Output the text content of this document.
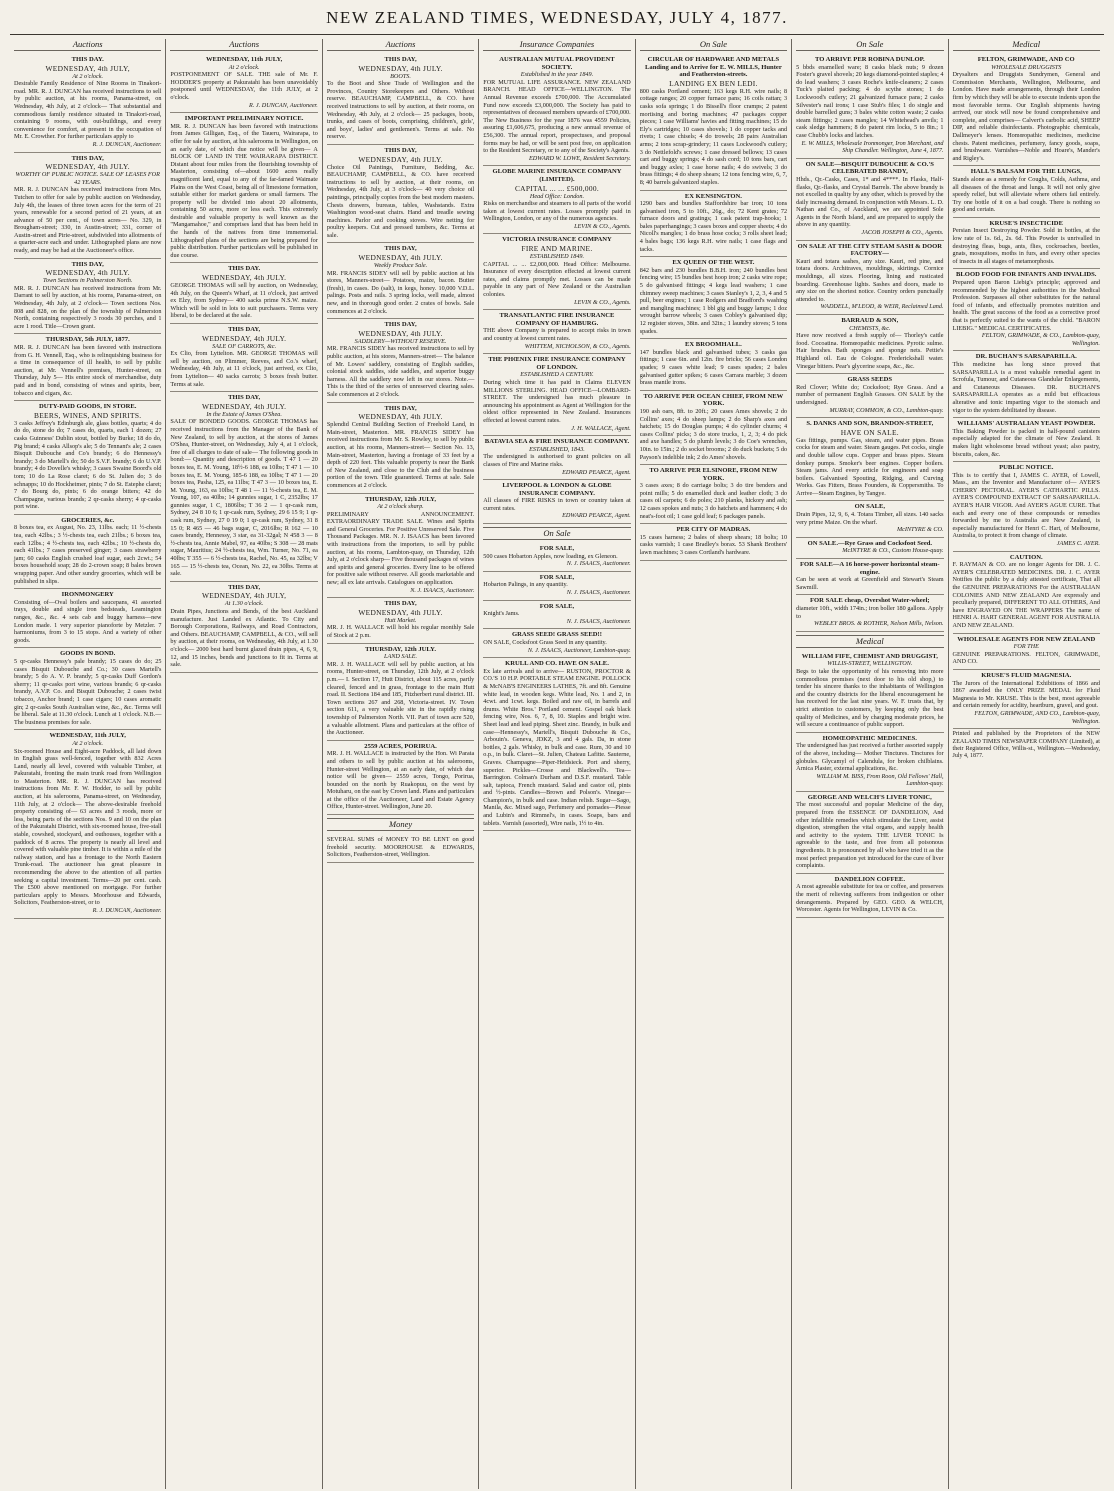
NEW ZEALAND TIMES, WEDNESDAY, JULY 4, 1877.
Auctions
THIS DAY.
WEDNESDAY, 4th JULY,
At 2 o'clock.
Desirable Family Residence of Nine Rooms in Tinakori-road. MR. R. J. DUNCAN has received instructions to sell by public auction, at his rooms, Panama-street, on Wednesday, 4th July, at 2 o'clock— That substantial and commodious family residence situated in Tinakori-road, containing 9 rooms, with out-buildings, and every convenience for comfort, at present in the occupation of Mr. E. Crowther. For further particulars apply to
R. J. DUNCAN, Auctioneer.
THIS DAY,
WEDNESDAY, 4th JULY.
WORTHY OF PUBLIC NOTICE. SALE OF LEASES FOR 42 YEARS.
MR. R. J. DUNCAN has received instructions from Mrs. Tutchen to offer for sale by public auction on Wednesday, July 4th, the leases of three town acres for the term of 21 years, renewable for a second period of 21 years, at an advance of 50 per cent., of town acres— No. 329, in Brougham-street; 330, in Austin-street; 331, corner of Austin-street and Pirie-street, subdivided into allotments of a quarter-acre each and under. Lithographed plans are now ready, and may be had at the Auctioneer's office.
THIS DAY,
WEDNESDAY, 4th JULY.
Town Sections in Palmerston North.
MR. R. J. DUNCAN has received instructions from Mr. Darrant to sell by auction, at his rooms, Panama-street, on Wednesday, 4th July, at 2 o'clock— Town sections Nos. 808 and 828, on the plan of the township of Palmerston North, containing respectively 3 roods 30 perches, and 1 acre 1 rood. Title—Crown grant.
THURSDAY, 5th JULY, 1877.
MR. R. J. DUNCAN has been favored with instructions from G. H. Vennell, Esq., who is relinquishing business for a time in consequence of ill health, to sell by public auction, at Mr. Vennell's premises, Hunter-street, on Thursday, July 5— His entire stock of merchandise, duty paid and in bond, consisting of wines and spirits, beer, tobacco and cigars, &c.
DUTY-PAID GOODS, IN STORE.
BEERS, WINES, AND SPIRITS.
3 casks Jeffrey's Edinburgh ale, glass bottles, quarts; 4 do do do, stone do do; 7 cases do, quarts, each 1 dozen; 27 casks Guinness' Dublin stout, bottled by Burke; 18 do do, Pig brand; 4 casks Allsop's ale; 5 do Tennant's ale; 2 cases Bisquit Dubouche and Co's brandy; 6 do Hennessy's brandy; 3 do Martell's do; 50 do S.V.F. brandy; 6 do U.V.P. brandy; 4 do Dovelle's whisky; 3 cases Swaine Boord's old tom; 10 do La Rose claret; 6 do St. Julien do; 3 do schnapps; 10 do Hockheimer, pints; 7 do St. Estephe claret; 7 do Bourg do, pints; 6 do orange bitters; 42 do Champagne, various brands; 2 qr-casks sherry; 4 qr-casks port wine.
GROCERIES, &c.
8 boxes tea, ex August, No. 23, 11lbs. each; 11 ½-chests tea, each 42lbs.; 3 ½-chests tea, each 21lbs.; 6 boxes tea, each 12lbs.; 4 ½-chests tea, each 42lbs.; 10 ½-chests do, each 41lbs.; 7 cases preserved ginger; 3 cases strawberry jam; 60 casks English crushed loaf sugar, each 2cwt.; 54 boxes household soap; 28 do 2-crown soap; 8 bales brown wrapping paper. And other sundry groceries, which will be published in slips.
IRONMONGERY
Consisting of—Oval boilers and saucepans, 41 assorted trays, double and single iron bedsteads, Leamington ranges, &c., &c. 4 sets cab and buggy harness—new London made. 1 very superior pianoforte by Metzler. 7 harmoniums, from 3 to 15 stops. And a variety of other goods.
GOODS IN BOND.
5 qr-casks Hennessy's pale brandy; 15 cases do do; 25 cases Bisquit Dubouche and Co.; 30 cases Martell's brandy; 5 do A. V. P. brandy; 5 qr-casks Duff Gordon's sherry; 11 qr-casks port wine, various brands; 6 qr-casks brandy, A.V.P. Co. and Bisquit Dubouche; 2 cases twist tobacco, Anchor brand; 1 case cigars; 10 cases aromatic gin; 2 qr-casks South Australian wine, &c., &c. Terms will be liberal. Sale at 11.30 o'clock. Lunch at 1 o'clock. N.B.—The business premises for sale.
WEDNESDAY, 11th JULY,
At 2 o'clock.
Six-roomed House and Eight-acre Paddock, all laid down in English grass well-fenced, together with 832 Acres Land, nearly all level, covered with valuable Timber, at Pakuratahi, fronting the main trunk road from Wellington to Masterton. MR. R. J. DUNCAN has received instructions from Mr. F. W. Hodder, to sell by public auction, at his salerooms, Panama-street, on Wednesday, 11th July, at 2 o'clock— The above-desirable freehold property consisting of— 63 acres and 3 roods, more or less, being parts of the sections Nos. 9 and 10 on the plan of the Pakuratahi District, with six-roomed house, five-stall stable, cowshed, stockyard, and outhouses, together with a paddock of 8 acres. The property is nearly all level and covered with valuable pine timber. It is within a mile of the railway station, and has a frontage to the North Eastern Trunk-road. The auctioneer has great pleasure in recommending the above to the attention of all parties seeking a capital investment. Terms—20 per cent. cash. The £500 above mentioned on mortgage. For further particulars apply to Messrs. Moorhouse and Edwards, Solicitors, Featherston-street, or to
R. J. DUNCAN, Auctioneer.
Auctions
WEDNESDAY, 11th JULY,
At 2 o'clock.
POSTPONEMENT OF SALE. THE sale of Mr. F. HODDER'S property at Pakuratahi has been unavoidably postponed until WEDNESDAY, the 11th JULY, at 2 o'clock.
R. J. DUNCAN, Auctioneer.
IMPORTANT PRELIMINARY NOTICE.
MR. R. J. DUNCAN has been favored with instructions from James Gilligan, Esq., of the Taueru, Wairarapa, to offer for sale by auction, at his salerooms in Wellington, on an early date, of which due notice will be given— A BLOCK OF LAND IN THE WAIRARAPA DISTRICT. Distant about four miles from the flourishing township of Masterton, consisting of—about 1600 acres really magnificent land, equal to any of the far-famed Waimate Plains on the West Coast, being all of limestone formation, suitable either for market gardens or small farmers. The property will be divided into about 20 allotments, containing 50 acres, more or less each. This extremely desirable and valuable property is well known as the "Mangamahoe," and comprises land that has been held in the hands of the natives from time immemorial. Lithographed plans of the sections are being prepared for public distribution. Further particulars will be published in due course.
THIS DAY.
WEDNESDAY, 4th JULY.
GEORGE THOMAS will sell by auction, on Wednesday, 4th July, on the Queen's Wharf, at 11 o'clock, just arrived ex Elzy, from Sydney— 400 sacks prime N.S.W. maize. Which will be sold in lots to suit purchasers. Terms very liberal, to be declared at the sale.
THIS DAY,
WEDNESDAY, 4th JULY.
SALE OF CARROTS, &c.
Ex Clio, from Lyttelton. MR. GEORGE THOMAS will sell by auction, on Plimmer, Reeves, and Co.'s wharf, Wednesday, 4th July, at 11 o'clock, just arrived, ex Clio, from Lyttelton— 40 sacks carrots; 3 boxes fresh butter. Terms at sale.
THIS DAY,
WEDNESDAY, 4th JULY.
In the Estate of James O'Shea.
SALE OF BONDED GOODS. GEORGE THOMAS has received instructions from the Manager of the Bank of New Zealand, to sell by auction, at the stores of James O'Shea, Hunter-street, on Wednesday, July 4, at 1 o'clock, free of all charges to date of sale— The following goods in bond:— Quantity and description of goods. T 47 1 — 20 boxes tea, E. M. Young, 18½-6 188, ea 10lbs; T 47 1 — 10 boxes tea, E. M. Young, 185-6 188, ea 10lbs; T 47 1 — 20 boxes tea, Pasha, 125, ea 11lbs; T 47 3 — 10 boxes tea, E. M. Young, 163, ea 10lbs; T 48 1 — 11 ½-chests tea, E. M. Young, 107, ea 40lbs; 14 gunnies sugar, 1 C, 2352lbs; 17 gunnies sugar, 1 C, 1806lbs; T 36 2 — 1 qr-cask rum, Sydney, 24 8 10 6; 1 qr-cask rum, Sydney, 29 6 15 9; 1 qr-cask rum, Sydney, 27 0 19 0; 1 qr-cask rum, Sydney, 31 8 15 0; R 465 — 46 bags sugar, C, 2016lbs; R 162 — 10 cases brandy, Hennessy, 3 star, ea 31-32gal; N 458 3 — 8 ½-chests tea, Annie Mabel, 97, ea 40lbs; S 308 — 28 mats sugar, Mauritius; 24 ½-chests tea, Wm. Turner, No. 71, ea 40lbs; T 355 — 6 ½-chests tea, Rachel, No. 45, ea 32lbs; V 165 — 15 ½-chests tea, Ocean, No. 22, ea 30lbs. Terms at sale.
THIS DAY,
WEDNESDAY, 4th JULY,
At 1.30 o'clock.
Drain Pipes, Junctions and Bends, of the best Auckland manufacture. Just Landed ex Atlantic. To City and Borough Corporations, Railways, and Road Contractors, and Others. BEAUCHAMP, CAMPBELL, & CO., will sell by auction, at their rooms, on Wednesday, 4th July, at 1.30 o'clock— 2000 best hard burnt glazed drain pipes, 4, 6, 9, 12, and 15 inches, bends and junctions to fit in. Terms at sale.
Auctions
THIS DAY,
WEDNESDAY, 4th JULY.
BOOTS.
To the Boot and Shoe Trade of Wellington and the Provinces, Country Storekeepers and Others. Without reserve. BEAUCHAMP, CAMPBELL, & CO. have received instructions to sell by auction, at their rooms, on Wednesday, 4th July, at 2 o'clock— 25 packages, boots, trunks, and cases of boots, comprising, children's, girls', and boys', ladies' and gentlemen's. Terms at sale. No reserve.
THIS DAY,
WEDNESDAY, 4th JULY.
Choice Oil Paintings, Furniture, Bedding, &c. BEAUCHAMP, CAMPBELL, & CO. have received instructions to sell by auction, at their rooms, on Wednesday, 4th July, at 3 o'clock— 40 very choice oil paintings, principally copies from the best modern masters. Chests drawers, bureaus, tables, Washstands. Extra Washington wood-seat chairs. Hand and treadle sewing machines. Parlor and cooking stoves. Wire netting for poultry keepers. Cut and pressed tumbers, &c. Terms at sale.
THIS DAY,
WEDNESDAY, 4th JULY.
Weekly Produce Sale.
MR. FRANCIS SIDEY will sell by public auction at his stores, Manners-street— Potatoes, maize, bacon. Butter (fresh), in cases. Do (salt), in kegs, honey. 10,000 V.D.L. palings. Posts and rails. 3 spring locks, well made, almost new, and in thorough good order. 2 crates of bowls. Sale commences at 2 o'clock.
THIS DAY,
WEDNESDAY, 4th JULY.
SADDLERY—WITHOUT RESERVE.
MR. FRANCIS SIDEY has received instructions to sell by public auction, at his stores, Manners-street— The balance of Mr. Lowes' saddlery, consisting of English saddles, colonial stock saddles, side saddles, and superior buggy harness. All the saddlery now left in our stores. Note.—This is the third of the series of unreserved clearing sales. Sale commences at 2 o'clock.
THIS DAY,
WEDNESDAY, 4th JULY.
Splendid Central Building Section of Freehold Land, in Main-street, Masterton. MR. FRANCIS SIDEY has received instructions from Mr. S. Rowley, to sell by public auction, at his rooms, Manners-street— Section No. 13, Main-street, Masterton, having a frontage of 33 feet by a depth of 220 feet. This valuable property is near the Bank of New Zealand, and close to the Club and the business portion of the town. Title guaranteed. Terms at sale. Sale commences at 2 o'clock.
THURSDAY, 12th JULY,
At 2 o'clock sharp.
PRELIMINARY ANNOUNCEMENT. EXTRAORDINARY TRADE SALE. Wines and Spirits and General Groceries. For Positive Unreserved Sale. Five Thousand Packages. MR. N. J. ISAACS has been favored with instructions from the importers, to sell by public auction, at his rooms, Lambton-quay, on Thursday, 12th July, at 2 o'clock sharp— Five thousand packages of wines and spirits and general groceries. Every line to be offered for positive sale without reserve. All goods marketable and new; all ex late arrivals. Catalogues on application.
N. J. ISAACS, Auctioneer.
THIS DAY,
WEDNESDAY, 4th JULY.
Hutt Market.
MR. J. H. WALLACE will hold his regular monthly Sale of Stock at 2 p.m.
THURSDAY, 12th JULY.
LAND SALE.
MR. J. H. WALLACE will sell by public auction, at his rooms, Hunter-street, on Thursday, 12th July, at 2 o'clock p.m.— I. Section 17, Hutt District, about 115 acres, partly cleared, fenced and in grass, frontage to the main Hutt road. II. Sections 184 and 185, Fitzherbert rural district. III. Town sections 267 and 268, Victoria-street. IV. Town section 611, a very valuable site in the rapidly rising township of Palmerston North. VII. Part of town acre 520, a valuable allotment. Plans and particulars at the office of the Auctioneer.
2559 ACRES, PORIRUA.
MR. J. H. WALLACE is instructed by the Hon. Wi Parata and others to sell by public auction at his salerooms, Hunter-street Wellington, at an early date, of which due notice will be given— 2559 acres, Tongo, Porirua, bounded on the north by Ruakopuu, on the west by Motuharu, on the east by Crown land. Plans and particulars at the office of the Auctioneer, Land and Estate Agency Office, Hunter-street. Wellington, June 20.
Money
SEVERAL SUMS of MONEY TO BE LENT on good freehold security. MOORHOUSE & EDWARDS, Solicitors, Featherston-street, Wellington.
Insurance Companies
AUSTRALIAN MUTUAL PROVIDENT SOCIETY.
Established in the year 1849.
FOR MUTUAL LIFE ASSURANCE. NEW ZEALAND BRANCH. HEAD OFFICE—WELLINGTON. The Annual Revenue exceeds £700,000. The Accumulated Fund now exceeds £3,000,000. The Society has paid to representatives of deceased members upwards of £700,000. The New Business for the year 1876 was 4559 Policies, assuring £1,606,675, producing a new annual revenue of £56,300. The annual report, prospectuses, and proposal forms may be had, or will be sent post free, on application to the Resident Secretary, or to any of the Society's Agents.
EDWARD W. LOWE, Resident Secretary.
GLOBE MARINE INSURANCE COMPANY (LIMITED).
CAPITAL ... ... £500,000.
Head Office: London.
Risks on merchandise and steamers to all parts of the world taken at lowest current rates. Losses promptly paid in Wellington, London, or any of the numerous agencies.
LEVIN & CO., Agents.
VICTORIA INSURANCE COMPANY
FIRE AND MARINE.
ESTABLISHED 1849.
CAPITAL ... ... £2,000,000. Head Office: Melbourne. Insurance of every description effected at lowest current rates, and claims promptly met. Losses can be made payable in any part of New Zealand or the Australian colonies.
LEVIN & CO., Agents.
TRANSATLANTIC FIRE INSURANCE COMPANY OF HAMBURG.
THE above Company is prepared to accept risks in town and country at lowest current rates.
WHITTEM, NICHOLSON, & CO., Agents.
THE PHŒNIX FIRE INSURANCE COMPANY OF LONDON.
ESTABLISHED A CENTURY.
During which time it has paid in Claims ELEVEN MILLIONS STERLING. HEAD OFFICE—LOMBARD-STREET. The undersigned has much pleasure in announcing his appointment as Agent at Wellington for the oldest office represented in New Zealand. Insurances effected at lowest current rates.
J. H. WALLACE, Agent.
BATAVIA SEA & FIRE INSURANCE COMPANY.
ESTABLISHED, 1843.
The undersigned is authorised to grant policies on all classes of Fire and Marine risks.
EDWARD PEARCE, Agent.
LIVERPOOL & LONDON & GLOBE INSURANCE COMPANY.
All classes of FIRE RISKS in town or country taken at current rates.
EDWARD PEARCE, Agent.
On Sale
FOR SALE,
500 cases Hobarton Apples, now loading, ex Gleneon.
N. J. ISAACS, Auctioneer.
FOR SALE,
Hobarton Palings, in any quantity.
N. J. ISAACS, Auctioneer.
FOR SALE,
Knight's Jams.
N. J. ISAACS, Auctioneer.
GRASS SEED! GRASS SEED!!
ON SALE, Cocksfoot Grass Seed in any quantity.
N. J. ISAACS, Auctioneer, Lambton-quay.
KRULL AND CO. HAVE ON SALE.
Ex late arrivals and to arrive— RUSTON, PROCTOR & CO.'S 10 H.P. PORTABLE STEAM ENGINE. POLLOCK & McNAB'S ENGINEERS LATHES, 7ft. and 8ft. Genuine white lead, in wooden kegs. White lead, No. 1 and 2, in 4cwt. and 1cwt. kegs. Boiled and raw oil, in barrels and drums. White Bros.' Portland cement. Gospel oak black fencing wire, Nos. 6, 7, 8, 10. Staples and bright wire. Sheet lead and lead piping. Sheet zinc. Brandy, in bulk and case—Hennessy's, Martell's, Bisquit Dubouche & Co., Arbouin's. Geneva, JDKZ, 3 and 4 gals. Da, in stone bottles, 2 gals. Whisky, in bulk and case. Rum, 30 and 10 o.p., in bulk. Claret—St. Julien, Chateau Lafitte. Sauterne, Graves. Champagne—Piper-Heidsieck. Port and sherry, superior. Pickles—Crosse and Blackwell's. Tea—Barrington. Colman's Durham and D.S.F. mustard. Table salt, tapioca, French mustard. Salad and castor oil, pints and ½-pints. Candles—Brown and Polson's. Vinegar—Champion's, in bulk and case. Indian relish. Sugar—Sago, Manila, &c. Mixed sago, Perfumery and pomades—Piesse and Lubin's and Rimmel's, in cases. Soaps, bars and tablets. Varnish (assorted), Wire nails, 1½ to 4in.
On Sale
CIRCULAR OF HARDWARE AND METALS Landing and to Arrive for E. W. MILLS, Hunter and Featherston-streets.
LANDING EX BEN LEDI.
800 casks Portland cement; 163 kegs R.H. wire nails; 8 cottage ranges; 20 copper furnace pans; 16 coils rattan; 3 casks sofa springs; 1 do Bissell's floor cramps; 2 patent mortising and boring machines; 47 packages copper pieces; 1 case Williams' havies and fitting machines; 15 do Ely's cartridges; 10 cases shovels; 1 do copper tacks and rivets; 1 case chisels; 4 do trowels; 28 pairs Australian arms; 2 tons scrap-grindery; 11 cases Lockwood's cutlery; 3 do Nettlefold's screws; 1 case dressed bellows; 13 cases cart and buggy springs; 4 do sash cord; 10 tons bars, cart and buggy axles; 1 case horse nails; 4 do swivels; 3 do brass fittings; 4 do sheep shears; 12 tons fencing wire, 6, 7, 8; 40 barrels galvanized staples.
EX KENSINGTON.
1290 bars and bundles Staffordshire bar iron; 10 tons galvanised iron, 5 to 10ft., 26g., do; 72 Kent grates; 72 furnace doors and gratings; 1 cask patent trap-hooks; 1 bales paperhangings; 3 cases boxes and copper sheets; 4 do Nicoll's mangles; 1 do brass hose cocks; 3 rolls sheet lead; 4 bales bags; 136 kegs R.H. wire nails; 1 case flags and tacks.
EX QUEEN OF THE WEST.
842 bars and 230 bundles B.B.H. iron; 240 bundles best fencing wire; 15 bundles best hoop iron; 2 casks wire rope; 5 do galvanised fittings; 4 kegs lead washers; 1 case chimney sweep machines; 3 cases Stanley's 1, 2, 3, 4 and 5 pull, beer engines; 1 case Rodgers and Bradford's washing and mangling machines; 1 bbl gig and buggy lamps; 1 doz wrought barrow wheels; 3 cases Cobley's galvanised dip; 12 register stoves, 38in. and 32in.; 1 laundry stoves; 5 tons spades.
EX BROOMHALL.
147 bundles black and galvanised tubes; 3 casks gas fittings; 1 case 6in. and 12in. fire bricks; 56 cases London spades; 9 cases white lead; 9 cases spades; 2 bales galvanised gutter spikes; 6 cases Carrara marble; 3 dozen brass mantle irons.
TO ARRIVE PER OCEAN CHIEF, FROM NEW YORK.
190 ash oars, 8ft. to 20ft.; 20 cases Ames shovels; 2 do Collins' axes; 4 do sheep lamps; 2 do Sharp's axes and hatchets; 15 do Douglas pumps; 4 do cylinder churns; 4 cases Collins' picks; 3 do store trucks, 1, 2, 3; 4 do pick and axe handles; 5 do plumb levels; 3 do Coe's wrenches, 10in. to 15in.; 2 do socket brooms; 2 do duck buckets; 5 do Payson's indelible ink; 2 do Ames' shovels.
TO ARRIVE PER ELSINORE, FROM NEW YORK.
3 cases axes; 8 do carriage bolts; 3 do tire benders and point mills; 5 do enamelled duck and leather cloth; 3 do cases oil carpets; 6 do poles; 210 planks, hickory and ash; 12 cases spokes and nuts; 3 do hatchets and hammers; 4 do neat's-foot oil; 1 case gold leaf; 6 packages panels.
PER CITY OF MADRAS.
15 cases harness; 2 bales of sheep shears; 18 bolts; 10 casks varnish; 1 case Bradley's borax. 53 Shank Brothers' lawn machines; 3 cases Cortland's hardware.
On Sale
TO ARRIVE PER ROBINA DUNLOP.
5 bbds enamelled ware; 8 casks black nuts; 9 dozen Foster's gravel shovels; 20 kegs diamond-pointed staples; 4 do lead washers; 3 cases Roche's knife-cleaners; 2 cases Tuck's plaited packing; 4 do scythe stones; 1 do Lockwood's cutlery; 21 galvanized furnace pans; 2 casks Silvester's nail irons; 1 case Stub's files; 1 do single and double barrelled guns; 3 bales white cotton waste; 2 casks steam fittings; 2 cases mangles; 14 Whitehead's anvils; 1 cask sledge hammers; 8 do patent rim locks, 5 to 8in.; 1 case Chubb's locks and latches.
E. W. MILLS, Wholesale Ironmonger, Iron Merchant, and Ship Chandler. Wellington, June 4, 1877.
ON SALE—BISQUIT DUBOUCHE & CO.'S CELEBRATED BRANDY,
Hhds., Qr.-Casks, Cases, 1* and 4****. In Flasks, Half-flasks, Qr.-flasks, and Crystal Barrels. The above brandy is not excelled in quality by any other, which is proved by the daily increasing demand. In conjunction with Messrs. L. D. Nathan and Co., of Auckland, we are appointed Sole Agents in the North Island, and are prepared to supply the above in any quantity.
JACOB JOSEPH & CO., Agents.
ON SALE AT THE CITY STEAM SASH & DOOR FACTORY—
Kauri and totara sashes, any size. Kauri, red pine, and totara doors. Architraves, mouldings, skirtings. Cornice mouldings, all sizes. Flooring, lining and rusticated boarding. Greenhouse lights. Sashes and doors, made to any size on the shortest notice. Country orders punctually attended to.
WADDELL, M'LEOD, & WEIR, Reclaimed Land.
BARRAUD & SON,
CHEMISTS, &c.
Have now received a fresh supply of— Thorley's cattle food. Cocoatina. Homœopathic medicines. Pyrotic sulme. Hair brushes. Bath sponges and sponge nets. Pettie's Highland oil. Eau de Cologne. Frederickshall water. Vinegar bitters. Pear's glycerine soaps, &c., &c.
GRASS SEEDS
Red Clover; White do; Cocksfoot; Rye Grass. And a number of permanent English Grasses. ON SALE by the undersigned.
MURRAY, COMMON, & CO., Lambton-quay.
S. DANKS AND SON, BRANDON-STREET,
HAVE ON SALE.
Gas fittings, pumps. Gas, steam, and water pipes. Brass cocks for steam and water. Steam gauges. Pet cocks, single and double tallow cups. Copper and brass pipes. Steam donkey pumps. Smoker's beer engines. Copper boilers. Steam jams. And every article for engineers and soap boilers. Galvanised Spouting, Ridging, and Curving Works. Gas Fitters, Brass Founders, & Coppersmiths. To Arrive—Steam Engines, by Tangye.
ON SALE,
Drain Pipes, 12, 9, 6, 4. Totara Timber, all sizes. 140 sacks very prime Maize. On the wharf.
McINTYRE & CO.
ON SALE.—Rye Grass and Cocksfoot Seed.
McINTYRE & CO., Custom House-quay.
FOR SALE—A 16 horse-power horizontal steam-engine.
Can be seen at work at Greenfield and Stewart's Steam Sawmill.
FOR SALE cheap, Overshot Water-wheel;
diameter 10ft., width 174in.; iron boller 180 gallons. Apply to
WEBLEY BROS. & ROTHER, Nelson Mills, Nelson.
Medical
WILLIAM FIFE, CHEMIST AND DRUGGIST,
WILLIS-STREET, WELLINGTON.
Begs to take the opportunity of his removing into more commodious premises (next door to his old shop,) to tender his sincere thanks to the inhabitants of Wellington and the country districts for the liberal encouragement he has received for the last nine years. W. F. trusts that, by strict attention to customers, by keeping only the best quality of Medicines, and by charging moderate prices, he will secure a continuance of public support.
HOMŒOPATHIC MEDICINES.
The undersigned has just received a further assorted supply of the above, including— Mother Tinctures. Tinctures for globules. Glycamyl of Calendula, for broken chilblains. Arnica Plaster, external applications, &c.
WILLIAM M. BISS, From Roon, Old Fellows' Hall, Lambton-quay.
GEORGE AND WELCH'S LIVER TONIC,
The most successful and popular Medicine of the day, prepared from the ESSENCE OF DANDELION, And other infallible remedies which stimulate the Liver, assist digestion, strengthen the vital organs, and supply health and activity to the system. THE LIVER TONIC Is agreeable to the taste, and free from all poisonous ingredients. It is pronounced by all who have tried it as the most perfect preparation yet introduced for the cure of liver complaints.
DANDELION COFFEE.
A most agreeable substitute for tea or coffee, and preserves the merit of relieving sufferers from indigestion or other derangements. Prepared by GEO. GEO. & WELCH, Worcester. Agents for Wellington, LEVIN & Co.
Medical
FELTON, GRIMWADE, AND CO
WHOLESALE DRUGGISTS
Drysalters and Druggists Sundrymen, General and Commission Merchants, Wellington, Melbourne, and London. Have made arrangements, through their London firm by which they will be able to execute indents upon the most favorable terms. Our English shipments having arrived, our stock will now be found comprehensive and complete, and comprises— Calvert's carbolic acid, SHEEP DIP, and reliable disinfectants. Photographic chemicals, Dallmeyer's lenses. Homœopathic medicines, medicine chests. Patent medicines, perfumery, fancy goods, soaps, and brushware. Varnishes—Noble and Hoare's, Mander's and Rigley's.
HALL'S BALSAM FOR THE LUNGS,
Stands alone as a remedy for Coughs, Colds, Asthma, and all diseases of the throat and lungs. It will not only give speedy relief, but will alleviate where others fail entirely. Try one bottle of it on a bad cough. There is nothing so good and certain.
KRUSE'S INSECTICIDE
Persian Insect Destroying Powder. Sold in bottles, at the low rate of 1s. 6d., 2s. 6d. This Powder is unrivalled in destroying fleas, bugs, ants, flies, cockroaches, beetles, gnats, mosquitoes, moths in furs, and every other species of insects in all stages of metamorphosis.
BLOOD FOOD FOR INFANTS AND INVALIDS.
Prepared upon Baron Liebig's principle; approved and recommended by the highest authorities in the Medical Profession. Surpasses all other substitutes for the natural food of infants, and effectually promotes nutrition and health. The great success of the food as a corrective proof that is perfectly suited to the wants of the child. "BARON LIEBIG." MEDICAL CERTIFICATES.
FELTON, GRIMWADE, & CO., Lambton-quay, Wellington.
DR. BUCHAN'S SARSAPARILLA.
This medicine has long since proved that SARSAPARILLA is a most valuable remedial agent in Scrofula, Tumour, and Cutaneous Glandular Enlargements, and Cutaneous Diseases. DR. BUCHAN'S SARSAPARILLA operates as a mild but efficacious alterative and tonic imparting vigor to the stomach and vigor to the system debilitated by disease.
WILLIAMS' AUSTRALIAN YEAST POWDER.
This Baking Powder is packed in half-pound canisters especially adapted for the climate of New Zealand. It makes light wholesome bread without yeast; also pastry, biscuits, cakes, &c.
PUBLIC NOTICE.
This is to certify that I, JAMES C. AYER, of Lowell, Mass., am the Inventor and Manufacturer of— AYER'S CHERRY PECTORAL. AYER'S CATHARTIC PILLS. AYER'S COMPOUND EXTRACT OF SARSAPARILLA. AYER'S HAIR VIGOR. And AYER'S AGUE CURE. That each and every one of these compounds or remedies forwarded by me to Australia are New Zealand, is especially manufactured for Henri C. Hart, of Melbourne, Australia, to protect it from change of climate.
JAMES C. AYER.
CAUTION.
F. RAYMAN & CO. are no longer Agents for DR. J. C. AYER'S CELEBRATED MEDICINES. DR. J. C. AYER Notifies the public by a duly attested certificate, That all the GENUINE PREPARATIONS For the AUSTRALIAN COLONIES AND NEW ZEALAND Are expressly and peculiarly prepared, DIFFERENT TO ALL OTHERS, And have ENGRAVED ON THE WRAPPERS The name of HENRI A. HART GENERAL AGENT FOR AUSTRALIA AND NEW ZEALAND.
WHOLESALE AGENTS FOR NEW ZEALAND
FOR THE
GENUINE PREPARATIONS. FELTON, GRIMWADE, AND CO.
KRUSE'S FLUID MAGNESIA.
The Jurors of the International Exhibitions of 1866 and 1867 awarded the ONLY PRIZE MEDAL for Fluid Magnesia to Mr. KRUSE. This is the best, most agreeable and certain remedy for acidity, heartburn, gravel, and gout.
FELTON, GRIMWADE, AND CO., Lambton-quay, Wellington.
Printed and published by the Proprietors of the NEW ZEALAND TIMES NEWSPAPER COMPANY (Limited), at their Registered Office, Willis-st., Wellington.—Wednesday, July 4, 1877.
